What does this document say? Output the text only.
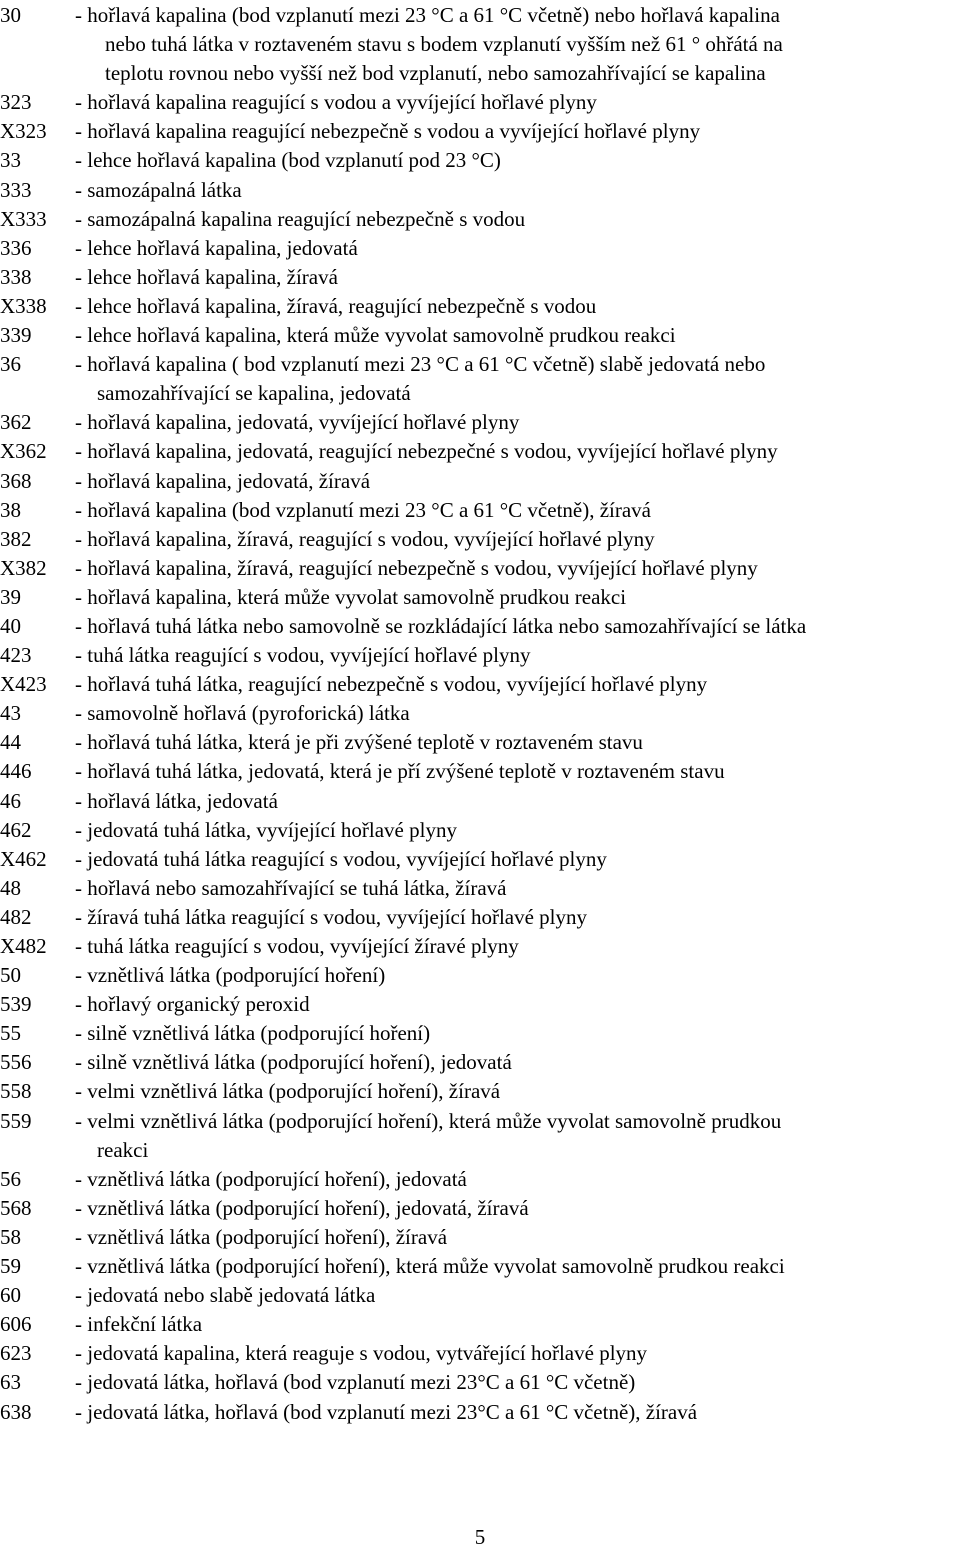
30	- hořlavá kapalina (bod vzplanutí mezi 23 °C a 61 °C včetně) nebo hořlavá kapalina
nebo tuhá látka v roztaveném stavu s bodem vzplanutí vyšším než 61 ° ohřátá na
teplotu rovnou nebo vyšší než bod vzplanutí, nebo samozahřívající se kapalina
323	- hořlavá kapalina reagující s vodou a vyvíjející hořlavé plyny
X323	- hořlavá kapalina reagující nebezpečně s vodou a vyvíjející hořlavé plyny
33	- lehce hořlavá kapalina (bod vzplanutí pod 23 °C)
333	- samozápalná látka
X333	- samozápalná kapalina reagující nebezpečně s vodou
336	- lehce hořlavá kapalina, jedovatá
338	- lehce hořlavá kapalina, žíravá
X338	- lehce hořlavá kapalina, žíravá, reagující nebezpečně s vodou
339	- lehce hořlavá kapalina, která může vyvolat samovolně prudkou reakci
36	- hořlavá kapalina ( bod vzplanutí mezi 23 °C a 61 °C včetně) slabě jedovatá nebo
samozahřívající se kapalina, jedovatá
362	- hořlavá kapalina, jedovatá, vyvíjející hořlavé plyny
X362	- hořlavá kapalina, jedovatá, reagující nebezpečné s vodou, vyvíjející hořlavé plyny
368	- hořlavá kapalina, jedovatá, žíravá
38	- hořlavá kapalina (bod vzplanutí mezi 23 °C a 61 °C včetně), žíravá
382	- hořlavá kapalina, žíravá, reagující s vodou, vyvíjející hořlavé plyny
X382	- hořlavá kapalina, žíravá, reagující nebezpečně s vodou, vyvíjející hořlavé plyny
39	- hořlavá kapalina, která může vyvolat samovolně prudkou reakci
40	- hořlavá tuhá látka nebo samovolně se rozkládající látka nebo samozahřívající se látka
423	- tuhá látka reagující s vodou, vyvíjející hořlavé plyny
X423	- hořlavá tuhá látka, reagující nebezpečně s vodou, vyvíjející hořlavé plyny
43	- samovolně hořlavá (pyroforická) látka
44	- hořlavá tuhá látka, která je při zvýšené teplotě v roztaveném stavu
446	- hořlavá tuhá látka, jedovatá, která je pří zvýšené teplotě v roztaveném stavu
46	- hořlavá látka, jedovatá
462	- jedovatá tuhá látka, vyvíjející hořlavé plyny
X462	- jedovatá tuhá látka reagující s vodou, vyvíjející hořlavé plyny
48	- hořlavá nebo samozahřívající se tuhá látka, žíravá
482	- žíravá tuhá látka reagující s vodou, vyvíjející hořlavé plyny
X482	- tuhá látka reagující s vodou, vyvíjející žíravé plyny
50	- vznětlivá látka (podporující hoření)
539	- hořlavý organický peroxid
55	- silně vznětlivá látka (podporující hoření)
556	- silně vznětlivá látka (podporující hoření), jedovatá
558	- velmi vznětlivá látka (podporující hoření), žíravá
559	- velmi vznětlivá látka (podporující hoření), která může vyvolat samovolně prudkou
reakci
56	- vznětlivá látka (podporující hoření), jedovatá
568	- vznětlivá látka (podporující hoření), jedovatá, žíravá
58	- vznětlivá látka (podporující hoření), žíravá
59	- vznětlivá látka (podporující hoření), která může vyvolat samovolně prudkou reakci
60	- jedovatá nebo slabě jedovatá látka
606	- infekční látka
623	- jedovatá kapalina, která reaguje s vodou, vytvářející hořlavé plyny
63	- jedovatá látka, hořlavá (bod vzplanutí mezi 23°C a 61 °C včetně)
638	- jedovatá látka, hořlavá (bod vzplanutí mezi 23°C a 61 °C včetně), žíravá
5
